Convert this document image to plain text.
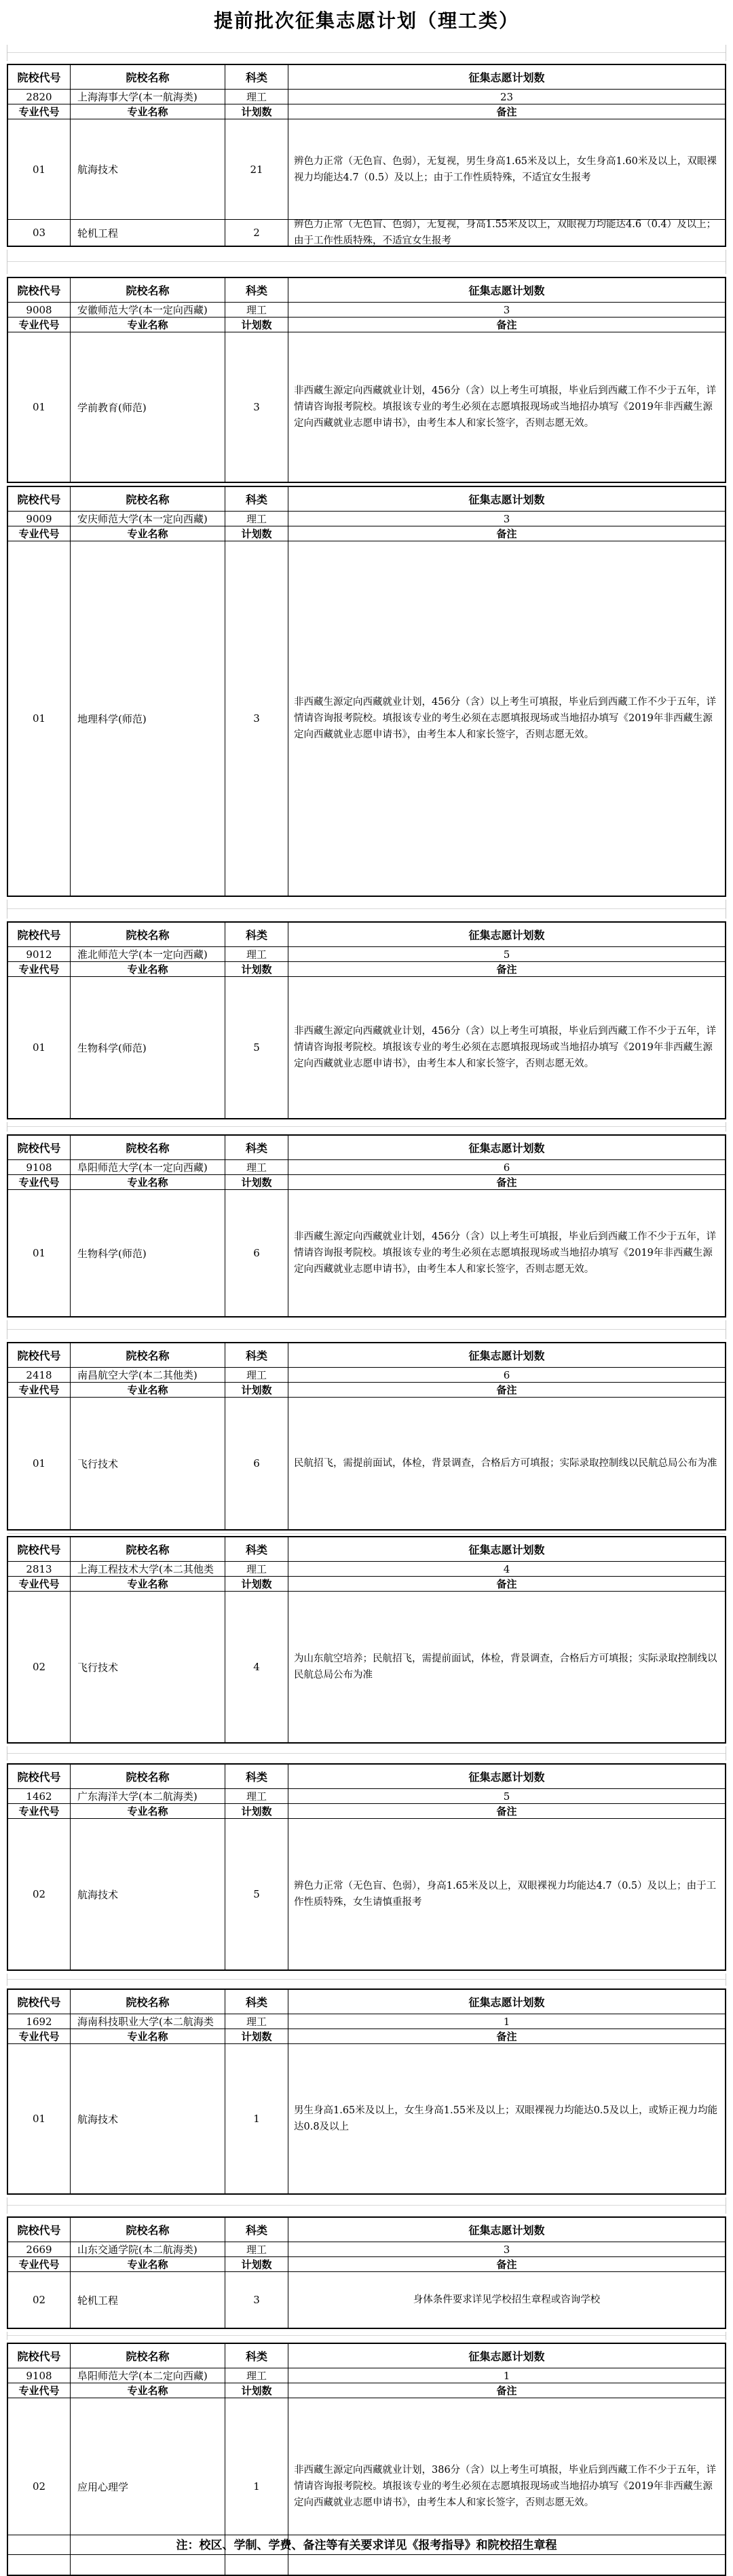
提前批次征集志愿计划（理工类）
院校代号	院校名称	科类	征集志愿计划数
2820	上海海事大学(本一航海类)	理工	23
专业代号	专业名称	计划数	备注
01	航海技术	21
辨色力正常（无色盲、色弱），无复视，男生身高1.65米及以上，女生身高1.60米及以上，双眼裸视力均能达4.7（0.5）及以上；由于工作性质特殊，不适宜女生报考
03	轮机工程	2
辨色力正常（无色盲、色弱），无复视，身高1.55米及以上，双眼视力均能达4.6（0.4）及以上；由于工作性质特殊，不适宜女生报考
院校代号	院校名称	科类	征集志愿计划数
9008	安徽师范大学(本一定向西藏)	理工	3
专业代号	专业名称	计划数	备注
01	学前教育(师范)	3
非西藏生源定向西藏就业计划，456分（含）以上考生可填报，毕业后到西藏工作不少于五年，详情请咨询报考院校。填报该专业的考生必须在志愿填报现场或当地招办填写《2019年非西藏生源定向西藏就业志愿申请书》，由考生本人和家长签字，否则志愿无效。
院校代号	院校名称	科类	征集志愿计划数
9009	安庆师范大学(本一定向西藏)	理工	3
专业代号	专业名称	计划数	备注
01	地理科学(师范)	3
非西藏生源定向西藏就业计划，456分（含）以上考生可填报，毕业后到西藏工作不少于五年，详情请咨询报考院校。填报该专业的考生必须在志愿填报现场或当地招办填写《2019年非西藏生源定向西藏就业志愿申请书》，由考生本人和家长签字，否则志愿无效。
院校代号	院校名称	科类	征集志愿计划数
9012	淮北师范大学(本一定向西藏)	理工	5
专业代号	专业名称	计划数	备注
01	生物科学(师范)	5
非西藏生源定向西藏就业计划，456分（含）以上考生可填报，毕业后到西藏工作不少于五年，详情请咨询报考院校。填报该专业的考生必须在志愿填报现场或当地招办填写《2019年非西藏生源定向西藏就业志愿申请书》，由考生本人和家长签字，否则志愿无效。
院校代号	院校名称	科类	征集志愿计划数
9108	阜阳师范大学(本一定向西藏)	理工	6
专业代号	专业名称	计划数	备注
01	生物科学(师范)	6
非西藏生源定向西藏就业计划，456分（含）以上考生可填报，毕业后到西藏工作不少于五年，详情请咨询报考院校。填报该专业的考生必须在志愿填报现场或当地招办填写《2019年非西藏生源定向西藏就业志愿申请书》，由考生本人和家长签字，否则志愿无效。
院校代号	院校名称	科类	征集志愿计划数
2418	南昌航空大学(本二其他类)	理工	6
专业代号	专业名称	计划数	备注
01	飞行技术	6	民航招飞，需提前面试，体检，背景调查，合格后方可填报；实际录取控制线以民航总局公布为准
院校代号	院校名称	科类	征集志愿计划数
2813	上海工程技术大学(本二其他类	理工	4
专业代号	专业名称	计划数	备注
02	飞行技术	4
为山东航空培养；民航招飞，需提前面试，体检，背景调查，合格后方可填报；实际录取控制线以民航总局公布为准
院校代号	院校名称	科类	征集志愿计划数
1462	广东海洋大学(本二航海类)	理工	5
专业代号	专业名称	计划数	备注
02	航海技术	5
辨色力正常（无色盲、色弱），身高1.65米及以上，双眼裸视力均能达4.7（0.5）及以上；由于工作性质特殊，女生请慎重报考
院校代号	院校名称	科类	征集志愿计划数
1692	海南科技职业大学(本二航海类	理工	1
专业代号	专业名称	计划数	备注
01	航海技术	1
男生身高1.65米及以上，女生身高1.55米及以上；双眼裸视力均能达0.5及以上，或矫正视力均能达0.8及以上
院校代号	院校名称	科类	征集志愿计划数
2669	山东交通学院(本二航海类)	理工	3
专业代号	专业名称	计划数	备注
02	轮机工程	3	身体条件要求详见学校招生章程或咨询学校
院校代号	院校名称	科类	征集志愿计划数
9108	阜阳师范大学(本二定向西藏)	理工	1
专业代号	专业名称	计划数	备注
02	应用心理学	1
非西藏生源定向西藏就业计划，386分（含）以上考生可填报，毕业后到西藏工作不少于五年，详情请咨询报考院校。填报该专业的考生必须在志愿填报现场或当地招办填写《2019年非西藏生源定向西藏就业志愿申请书》，由考生本人和家长签字，否则志愿无效。
注：校区、学制、学费、备注等有关要求详见《报考指导》和院校招生章程
